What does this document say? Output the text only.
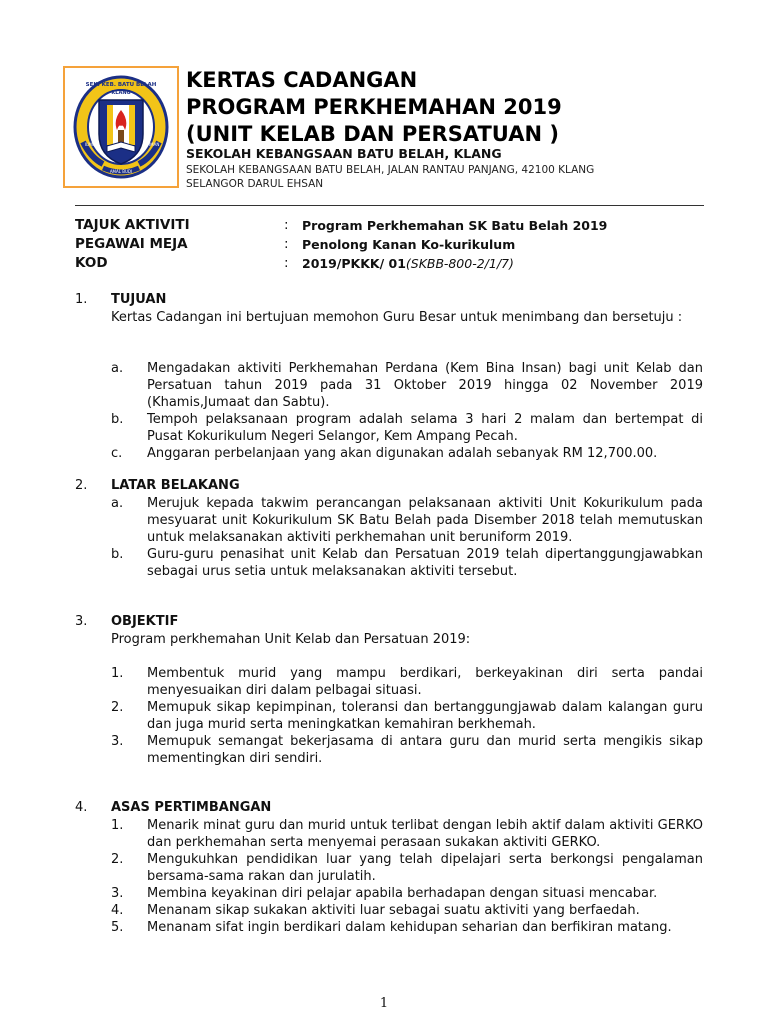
SEK. KEB. BATU BELAH
KLANG
ILMU	IMAN
AMAL BUDI
KERTAS CADANGAN
PROGRAM PERKHEMAHAN 2019
(UNIT KELAB DAN PERSATUAN )
SEKOLAH KEBANGSAAN BATU BELAH, KLANG
SEKOLAH KEBANGSAAN BATU BELAH, JALAN RANTAU PANJANG, 42100 KLANG
SELANGOR DARUL EHSAN
TAJUK AKTIVITI	: Program Perkhemahan SK Batu Belah 2019
PEGAWAI MEJA	: Penolong Kanan Ko-kurikulum
KOD	: 2019/PKKK/ 01(SKBB-800-2/1/7)
1. TUJUAN
Kertas Cadangan ini bertujuan memohon Guru Besar untuk menimbang dan bersetuju :
a. Mengadakan aktiviti Perkhemahan Perdana (Kem Bina Insan) bagi unit Kelab dan Persatuan tahun 2019 pada 31 Oktober 2019 hingga 02 November 2019 (Khamis,Jumaat dan Sabtu).
b. Tempoh pelaksanaan program adalah selama 3 hari 2 malam dan bertempat di Pusat Kokurikulum Negeri Selangor, Kem Ampang Pecah.
c. Anggaran perbelanjaan yang akan digunakan adalah sebanyak RM 12,700.00.
2. LATAR BELAKANG
a. Merujuk kepada takwim perancangan pelaksanaan aktiviti Unit Kokurikulum pada mesyuarat unit Kokurikulum SK Batu Belah pada Disember 2018 telah memutuskan untuk melaksanakan aktiviti perkhemahan unit beruniform 2019.
b. Guru-guru penasihat unit Kelab dan Persatuan 2019 telah dipertanggungjawabkan sebagai urus setia untuk melaksanakan aktiviti tersebut.
3. OBJEKTIF
Program perkhemahan Unit Kelab dan Persatuan 2019:
1. Membentuk murid yang mampu berdikari, berkeyakinan diri serta pandai menyesuaikan diri dalam pelbagai situasi.
2. Memupuk sikap kepimpinan, toleransi dan bertanggungjawab dalam kalangan guru dan juga murid serta meningkatkan kemahiran berkhemah.
3. Memupuk semangat bekerjasama di antara guru dan murid serta mengikis sikap mementingkan diri sendiri.
4. ASAS PERTIMBANGAN
1. Menarik minat guru dan murid untuk terlibat dengan lebih aktif dalam aktiviti GERKO dan perkhemahan serta menyemai perasaan sukakan aktiviti GERKO.
2. Mengukuhkan pendidikan luar yang telah dipelajari serta berkongsi pengalaman bersama-sama rakan dan jurulatih.
3. Membina keyakinan diri pelajar apabila berhadapan dengan situasi mencabar.
4. Menanam sikap sukakan aktiviti luar sebagai suatu aktiviti yang berfaedah.
5. Menanam sifat ingin berdikari dalam kehidupan seharian dan berfikiran matang.
1
